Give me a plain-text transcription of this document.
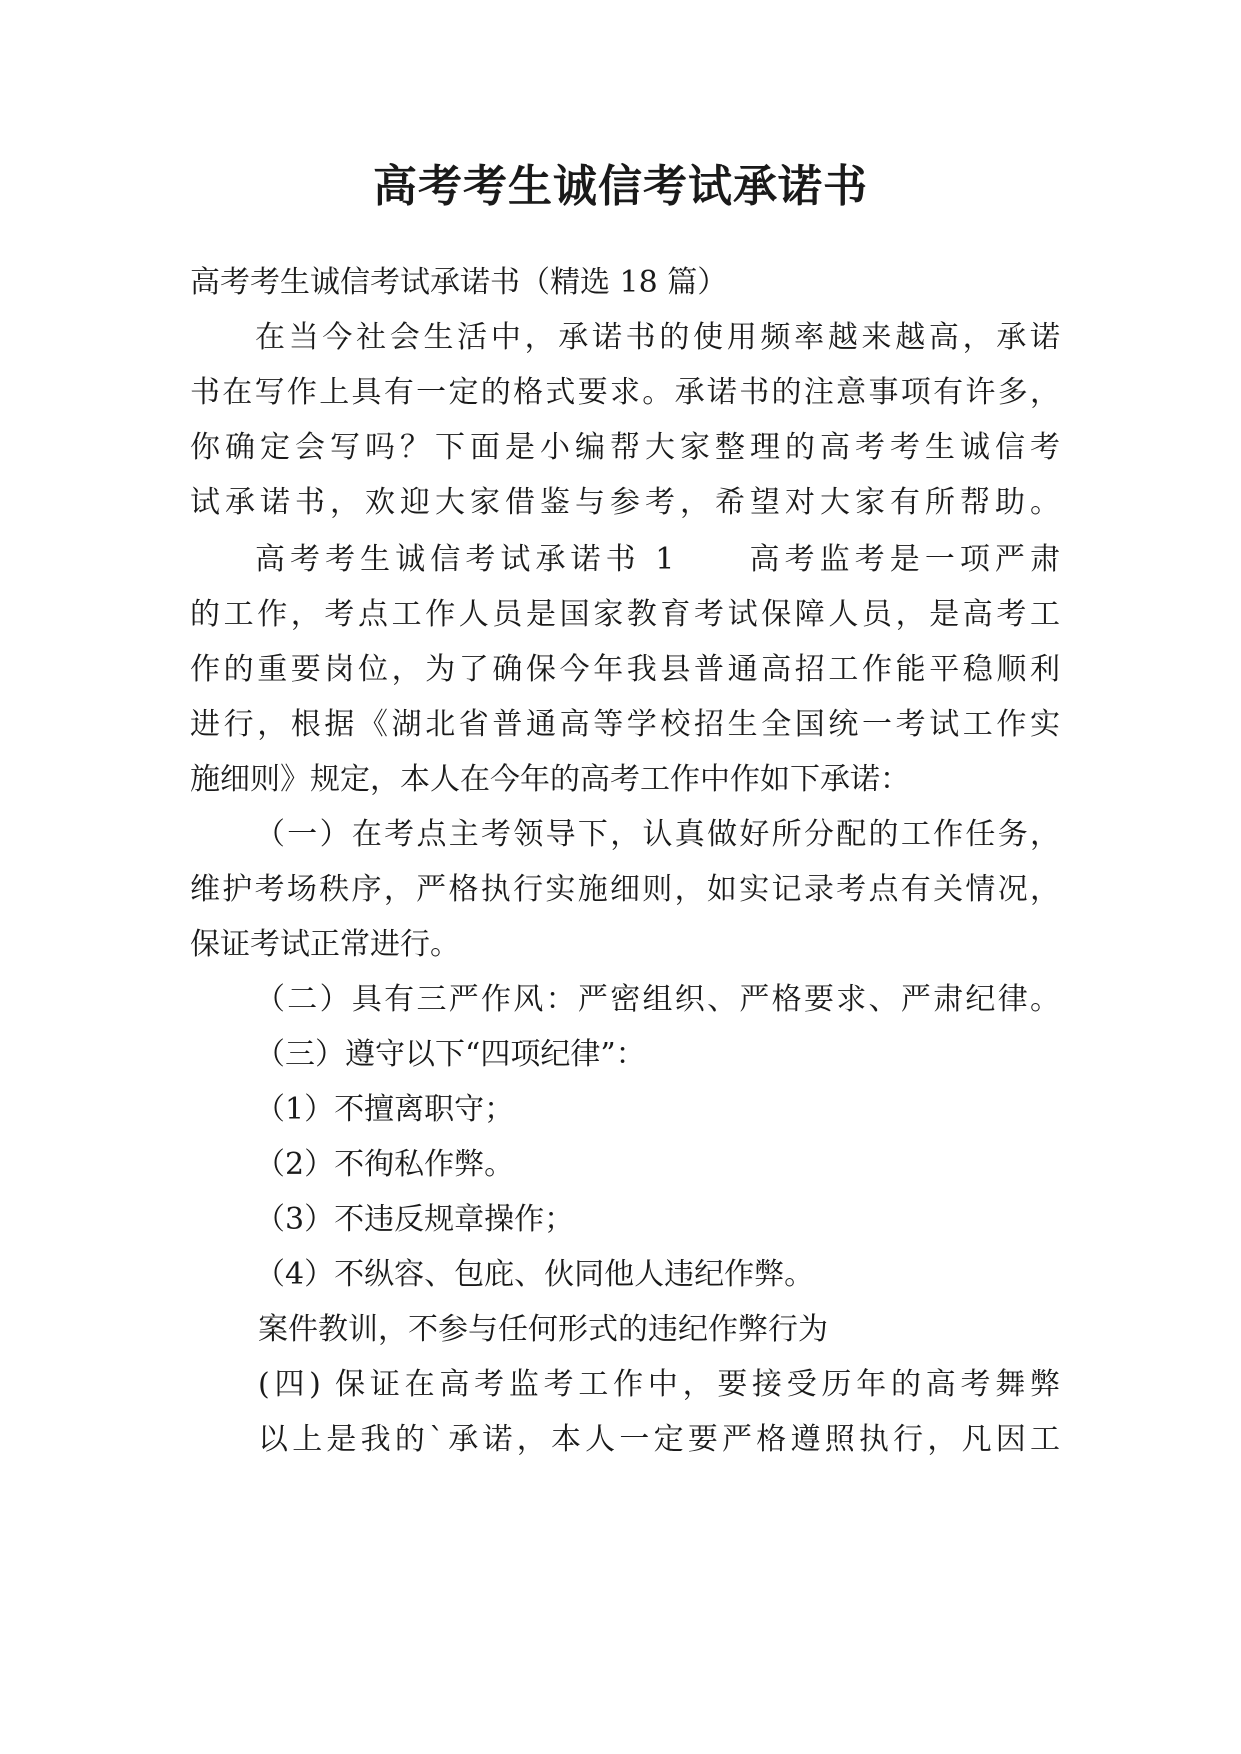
高考考生诚信考试承诺书

高考考生诚信考试承诺书（精选 18 篇）

在当今社会生活中，承诺书的使用频率越来越高，承诺

书在写作上具有一定的格式要求。承诺书的注意事项有许多，

你确定会写吗？下面是小编帮大家整理的高考考生诚信考

试承诺书，欢迎大家借鉴与参考，希望对大家有所帮助。

高考考生诚信考试承诺书 1　　高考监考是一项严肃

的工作，考点工作人员是国家教育考试保障人员，是高考工

作的重要岗位，为了确保今年我县普通高招工作能平稳顺利

进行，根据《湖北省普通高等学校招生全国统一考试工作实

施细则》规定，本人在今年的高考工作中作如下承诺：

（一）在考点主考领导下，认真做好所分配的工作任务，

维护考场秩序，严格执行实施细则，如实记录考点有关情况，

保证考试正常进行。

（二）具有三严作风：严密组织、严格要求、严肃纪律。

（三）遵守以下“四项纪律”：

（1）不擅离职守；

（2）不徇私作弊。

（3）不违反规章操作；

（4）不纵容、包庇、伙同他人违纪作弊。

案件教训，不参与任何形式的违纪作弊行为

(四) 保证在高考监考工作中，要接受历年的高考舞弊

以上是我的`承诺，本人一定要严格遵照执行，凡因工
